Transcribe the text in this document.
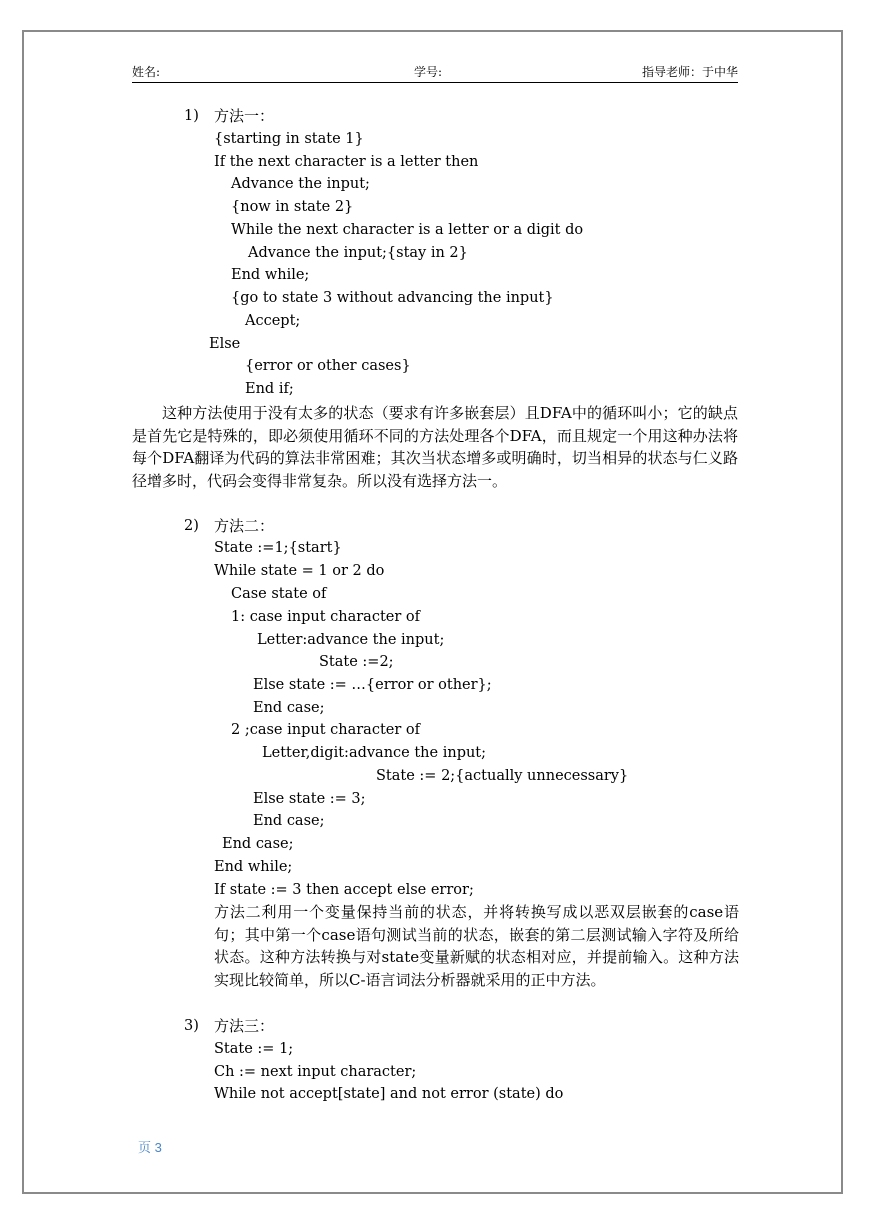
姓名:	学号:	指导老师：于中华
1) 方法一：
{starting in state 1}
If the next character is a letter then
Advance the input;
{now in state 2}
While the next character is a letter or a digit do
Advance the input;{stay in 2}
End while;
{go to state 3 without advancing the input}
Accept;
Else
{error or other cases}
End if;
这种方法使用于没有太多的状态（要求有许多嵌套层）且DFA中的循环叫小；它的缺点是首先它是特殊的，即必须使用循环不同的方法处理各个DFA，而且规定一个用这种办法将每个DFA翻译为代码的算法非常困难；其次当状态增多或明确时，切当相异的状态与仁义路径增多时，代码会变得非常复杂。所以没有选择方法一。
2) 方法二：
State :=1;{start}
While state = 1 or 2 do
Case state of
1: case input character of
Letter:advance the input;
State :=2;
Else state := …{error or other};
End case;
2 ;case input character of
Letter,digit:advance the input;
State := 2;{actually unnecessary}
Else state := 3;
End case;
End case;
End while;
If state := 3 then accept else error;
方法二利用一个变量保持当前的状态，并将转换写成以恶双层嵌套的case语句；其中第一个case语句测试当前的状态，嵌套的第二层测试输入字符及所给状态。这种方法转换与对state变量新赋的状态相对应，并提前输入。这种方法实现比较简单，所以C-语言词法分析器就采用的正中方法。
3) 方法三：
State := 1;
Ch := next input character;
While not accept[state] and not error (state) do
页 3
